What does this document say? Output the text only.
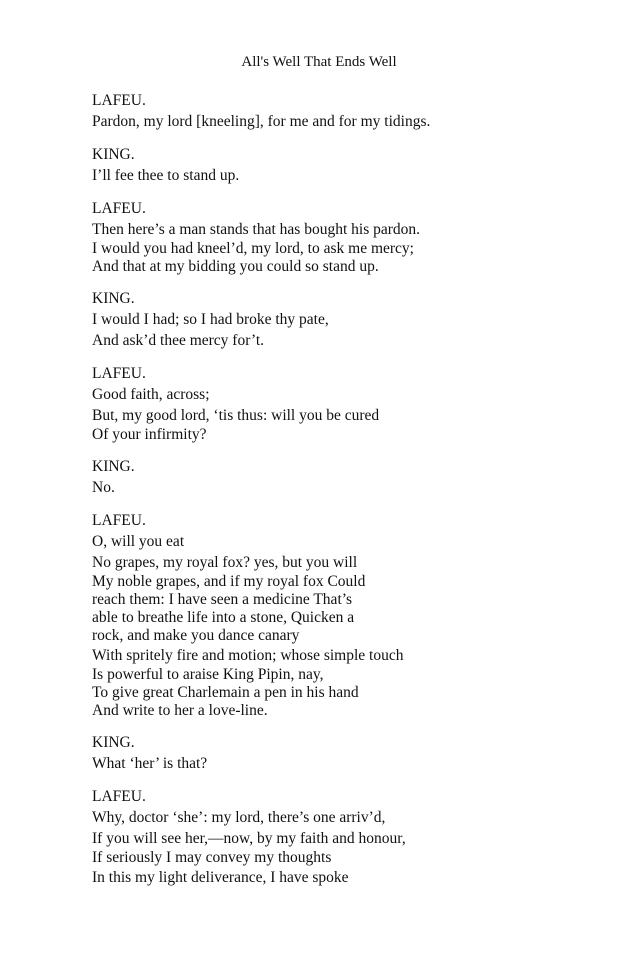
All's Well That Ends Well
LAFEU.
Pardon, my lord [kneeling], for me and for my tidings.
KING.
I’ll fee thee to stand up.
LAFEU.
Then here’s a man stands that has bought his pardon.
I would you had kneel’d, my lord, to ask me mercy;
And that at my bidding you could so stand up.
KING.
I would I had; so I had broke thy pate,
And ask’d thee mercy for’t.
LAFEU.
Good faith, across;
But, my good lord, ‘tis thus: will you be cured
Of your infirmity?
KING.
No.
LAFEU.
O, will you eat
No grapes, my royal fox? yes, but you will
My noble grapes, and if my royal fox Could
reach them: I have seen a medicine That’s
able to breathe life into a stone, Quicken a
rock, and make you dance canary
With spritely fire and motion; whose simple touch
Is powerful to araise King Pipin, nay,
To give great Charlemain a pen in his hand
And write to her a love-line.
KING.
What ‘her’ is that?
LAFEU.
Why, doctor ‘she’: my lord, there’s one arriv’d,
If you will see her,—now, by my faith and honour,
If seriously I may convey my thoughts
In this my light deliverance, I have spoke
